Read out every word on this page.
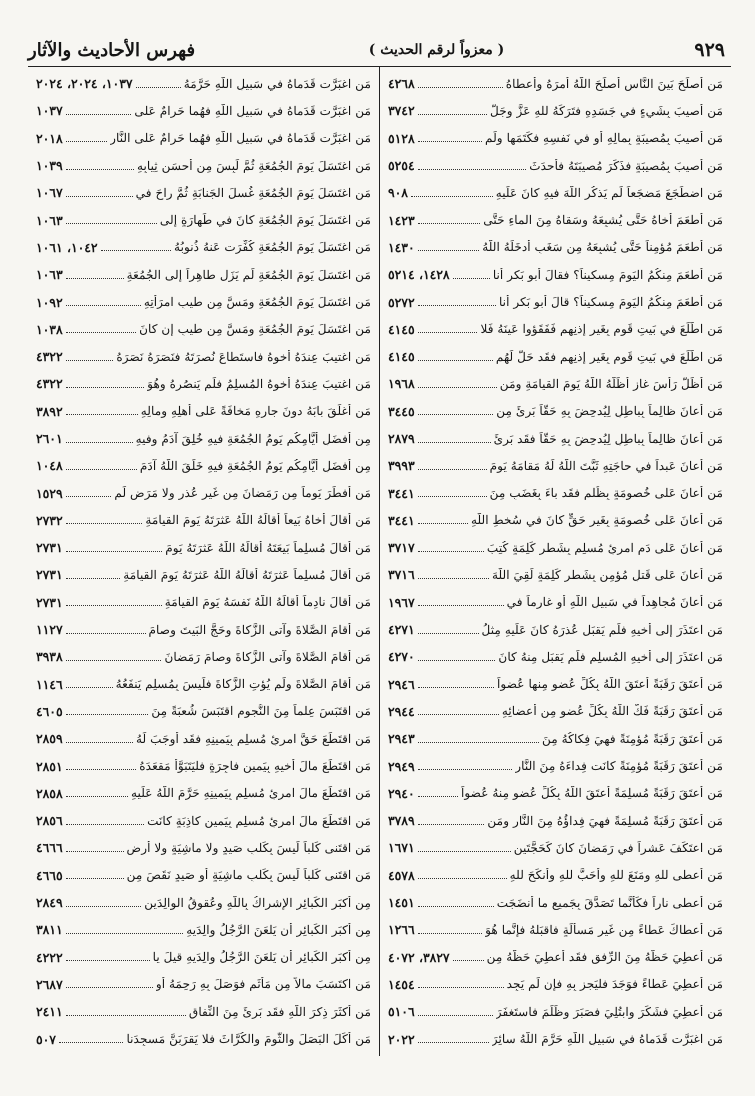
٩٢٩
( معزواً لرقم الحديث )
فهرس الأحاديث والآثار
مَن أصلَحَ بَينَ النَّاسِ أصلَحَ اللَّهُ أمرَهُ وأعطاهُ
٤٢٦٨
مَن أُصيبَ بِشَيءٍ في جَسَدِهِ فتَرَكَهُ للهِ عَزَّ وجَلَّ
٣٧٤٢
مَن أُصيبَ بِمُصيبَةٍ بِمالِهِ أو في نَفسِهِ فكَتَمَها ولَم
٥١٢٨
مَن أُصيبَ بِمُصيبَةٍ فذَكَرَ مُصيبَتَهُ فأحدَثَ
٥٢٥٤
مَن اضطَجَعَ مَضجَعاً لَم يَذكُرِ اللَّهَ فيهِ كانَ عَلَيهِ
٩٠٨
مَن أطعَمَ أخاهُ حَتَّى يُشبِعَهُ وسَقاهُ مِنَ الماءِ حَتَّى
١٤٢٣
مَن أطعَمَ مُؤمِناً حَتَّى يُشبِعَهُ مِن سَغَبٍ أدخَلَهُ اللَّهُ
١٤٣٠
مَن أطعَمَ مِنكُمُ اليَومَ مِسكيناً؟ فقالَ أبو بَكرٍ أنا
١٤٢٨، ٥٢١٤
مَن أطعَمَ مِنكُمُ اليَومَ مِسكيناً؟ قالَ أبو بَكرٍ أنا
٥٢٧٢
مَن اطَّلَعَ في بَيتِ قَومٍ بِغَيرِ إذنِهِم فَفَقَؤوا عَينَهُ فَلا
٤١٤٥
مَن اطَّلَعَ في بَيتِ قَومٍ بِغَيرِ إذنِهِم فقَد حَلَّ لَهُم
٤١٤٥
مَن أظَلَّ رَأسَ غازٍ أظَلَّهُ اللَّهُ يَومَ القيامَةِ ومَن
١٩٦٨
مَن أعانَ ظالِماً بِباطِلٍ لِيُدحِضَ بِهِ حَقّاً بَرِئَ مِن
٣٤٤٥
مَن أعانَ ظالِماً بِباطِلٍ لِيُدحِضَ بِهِ حَقّاً فقَد بَرِئَ
٢٨٧٩
مَن أعانَ عَبداً في حاجَتِهِ ثَبَّتَ اللَّهُ لَهُ مَقامَهُ يَومَ
٣٩٩٣
مَن أعانَ عَلى خُصومَةٍ بِظُلمٍ فقَد باءَ بِغَضَبٍ مِنَ
٣٤٤١
مَن أعانَ عَلى خُصومَةٍ بِغَيرِ حَقٍّ كانَ في سُخطِ اللَّهِ
٣٤٤١
مَن أعانَ عَلى دَمِ امرِئٍ مُسلِمٍ بِشَطرِ كَلِمَةٍ كُتِبَ
٣٧١٧
مَن أعانَ عَلى قَتلِ مُؤمِنٍ بِشَطرِ كَلِمَةٍ لَقِيَ اللَّهَ
٣٧١٦
مَن أعانَ مُجاهِداً في سَبيلِ اللَّهِ أو غارِماً في
١٩٦٧
مَن اعتَذَرَ إلى أخيهِ فلَم يَقبَل عُذرَهُ كانَ عَلَيهِ مِثلُ
٤٢٧١
مَن اعتَذَرَ إلى أخيهِ المُسلِمِ فلَم يَقبَل مِنهُ كانَ
٤٢٧٠
مَن أعتَقَ رَقَبَةً أعتَقَ اللَّهُ بِكُلِّ عُضوٍ مِنها عُضواً
٢٩٤٦
مَن أعتَقَ رَقَبَةً فَكَّ اللَّهُ بِكُلِّ عُضوٍ مِن أعضائِهِ
٢٩٤٤
مَن أعتَقَ رَقَبَةً مُؤمِنَةً فهِيَ فِكاكُهُ مِنَ
٢٩٤٣
مَن أعتَقَ رَقَبَةً مُؤمِنَةً كانَت فِداءَهُ مِنَ النَّارِ
٢٩٤٩
مَن أعتَقَ رَقَبَةً مُسلِمَةً أعتَقَ اللَّهُ بِكُلِّ عُضوٍ مِنهُ عُضواً
٢٩٤٠
مَن أعتَقَ رَقَبَةً مُسلِمَةً فهِيَ فِداؤُهُ مِنَ النَّارِ ومَن
٣٧٨٩
مَن اعتَكَفَ عَشراً في رَمَضانَ كانَ كَحَجَّتَينِ
١٦٧١
مَن أعطى للهِ ومَنَعَ للهِ وأحَبَّ للهِ وأنكَحَ للهِ
٤٥٧٨
مَن أعطى ناراً فكَأنَّما تَصَدَّقَ بِجَميعِ ما أنضَجَت
١٤٥١
مَن أعطاكَ عَطاءً مِن غَيرِ مَسألَةٍ فاقبَلهُ فإنَّما هُوَ
١٢٦٦
مَن أُعطِيَ حَظَّهُ مِنَ الرِّفقِ فقَد أُعطِيَ حَظَّهُ مِن
٣٨٢٧، ٤٠٧٢
مَن أُعطِيَ عَطاءً فوَجَدَ فليَجزِ بِهِ فإن لَم يَجِد
١٤٥٤
مَن أُعطِيَ فشَكَرَ وابتُلِيَ فصَبَرَ وظَلَمَ فاستَغفَرَ
٥١٠٦
مَن اغبَرَّت قَدَماهُ في سَبيلِ اللَّهِ حَرَّمَ اللَّهُ سائِرَ
٢٠٢٢
مَن اغبَرَّت قَدَماهُ في سَبيلِ اللَّهِ حَرَّمَهُ
١٠٣٧، ٢٠٢٤، ٢٠٢٤
مَن اغبَرَّت قَدَماهُ في سَبيلِ اللَّهِ فهُما حَرامٌ عَلى
١٠٣٧
مَن اغبَرَّت قَدَماهُ في سَبيلِ اللَّهِ فهُما حَرامٌ عَلى النَّارِ
٢٠١٨
مَن اغتَسَلَ يَومَ الجُمُعَةِ ثُمَّ لَبِسَ مِن أحسَنِ ثِيابِهِ
١٠٣٩
مَن اغتَسَلَ يَومَ الجُمُعَةِ غُسلَ الجَنابَةِ ثُمَّ راحَ في
١٠٦٧
مَن اغتَسَلَ يَومَ الجُمُعَةِ كانَ في طَهارَةٍ إلى
١٠٦٣
مَن اغتَسَلَ يَومَ الجُمُعَةِ كُفِّرَت عَنهُ ذُنوبُهُ
١٠٤٢، ١٠٦١
مَن اغتَسَلَ يَومَ الجُمُعَةِ لَم يَزَل طاهِراً إلى الجُمُعَةِ
١٠٦٣
مَن اغتَسَلَ يَومَ الجُمُعَةِ ومَسَّ مِن طيبِ امرَأتِهِ
١٠٩٢
مَن اغتَسَلَ يَومَ الجُمُعَةِ ومَسَّ مِن طيبٍ إن كانَ
١٠٣٨
مَن اغتيبَ عِندَهُ أخوهُ فاستَطاعَ نُصرَتَهُ فنَصَرَهُ نَصَرَهُ
٤٣٢٢
مَن اغتيبَ عِندَهُ أخوهُ المُسلِمُ فلَم يَنصُرهُ وهُوَ
٤٣٢٢
مَن أغلَقَ بابَهُ دونَ جارِهِ مَخافَةً عَلى أهلِهِ ومالِهِ
٣٨٩٢
مِن أفضَلِ أيَّامِكُم يَومُ الجُمُعَةِ فيهِ خُلِقَ آدَمُ وفيهِ
٢٦٠١
مِن أفضَلِ أيَّامِكُم يَومُ الجُمُعَةِ فيهِ خَلَقَ اللَّهُ آدَمَ
١٠٤٨
مَن أفطَرَ يَوماً مِن رَمَضانَ مِن غَيرِ عُذرٍ ولا مَرَضٍ لَم
١٥٢٩
مَن أقالَ أخاهُ بَيعاً أقالَهُ اللَّهُ عَثرَتَهُ يَومَ القيامَةِ
٢٧٣٢
مَن أقالَ مُسلِماً بَيعَتَهُ أقالَهُ اللَّهُ عَثرَتَهُ يَومَ
٢٧٣١
مَن أقالَ مُسلِماً عَثرَتَهُ أقالَهُ اللَّهُ عَثرَتَهُ يَومَ القيامَةِ
٢٧٣١
مَن أقالَ نادِماً أقالَهُ اللَّهُ نَفسَهُ يَومَ القيامَةِ
٢٧٣١
مَن أقامَ الصَّلاةَ وآتى الزَّكاةَ وحَجَّ البَيتَ وصامَ
١١٢٧
مَن أقامَ الصَّلاةَ وآتى الزَّكاةَ وصامَ رَمَضانَ
٣٩٣٨
مَن أقامَ الصَّلاةَ ولَم يُؤتِ الزَّكاةَ فلَيسَ بِمُسلِمٍ يَنفَعُهُ
١١٤٦
مَن اقتَبَسَ عِلماً مِنَ النُّجومِ اقتَبَسَ شُعبَةً مِنَ
٤٦٠٥
مَن اقتَطَعَ حَقَّ امرِئٍ مُسلِمٍ بِيَمينِهِ فقَد أوجَبَ لَهُ
٢٨٥٩
مَن اقتَطَعَ مالَ أخيهِ بِيَمينٍ فاجِرَةٍ فليَتَبَوَّأ مَقعَدَهُ
٢٨٥١
مَن اقتَطَعَ مالَ امرِئٍ مُسلِمٍ بِيَمينِهِ حَرَّمَ اللَّهُ عَلَيهِ
٢٨٥٨
مَن اقتَطَعَ مالَ امرِئٍ مُسلِمٍ بِيَمينٍ كاذِبَةٍ كانَت
٢٨٥٦
مَن اقتَنى كَلباً لَيسَ بِكَلبِ صَيدٍ ولا ماشِيَةٍ ولا أرضٍ
٤٦٦٦
مَن اقتَنى كَلباً لَيسَ بِكَلبِ ماشِيَةٍ أو صَيدٍ نَقَصَ مِن
٤٦٦٥
مِن أكبَرِ الكَبائِرِ الإشراكُ بِاللَّهِ وعُقوقُ الوالِدَينِ
٢٨٤٩
مِن أكبَرِ الكَبائِرِ أن يَلعَنَ الرَّجُلُ والِدَيهِ
٣٨١١
مِن أكبَرِ الكَبائِرِ أن يَلعَنَ الرَّجُلُ والِدَيهِ قيلَ يا
٤٢٢٢
مَن اكتَسَبَ مالاً مِن مَأثَمٍ فوَصَلَ بِهِ رَحِمَهُ أو
٢٦٨٧
مَن أكثَرَ ذِكرَ اللَّهِ فقَد بَرِئَ مِنَ النِّفاقِ
٢٤١١
مَن أكَلَ البَصَلَ والثُّومَ والكُرَّاثَ فلا يَقرَبَنَّ مَسجِدَنا
٥٠٧
